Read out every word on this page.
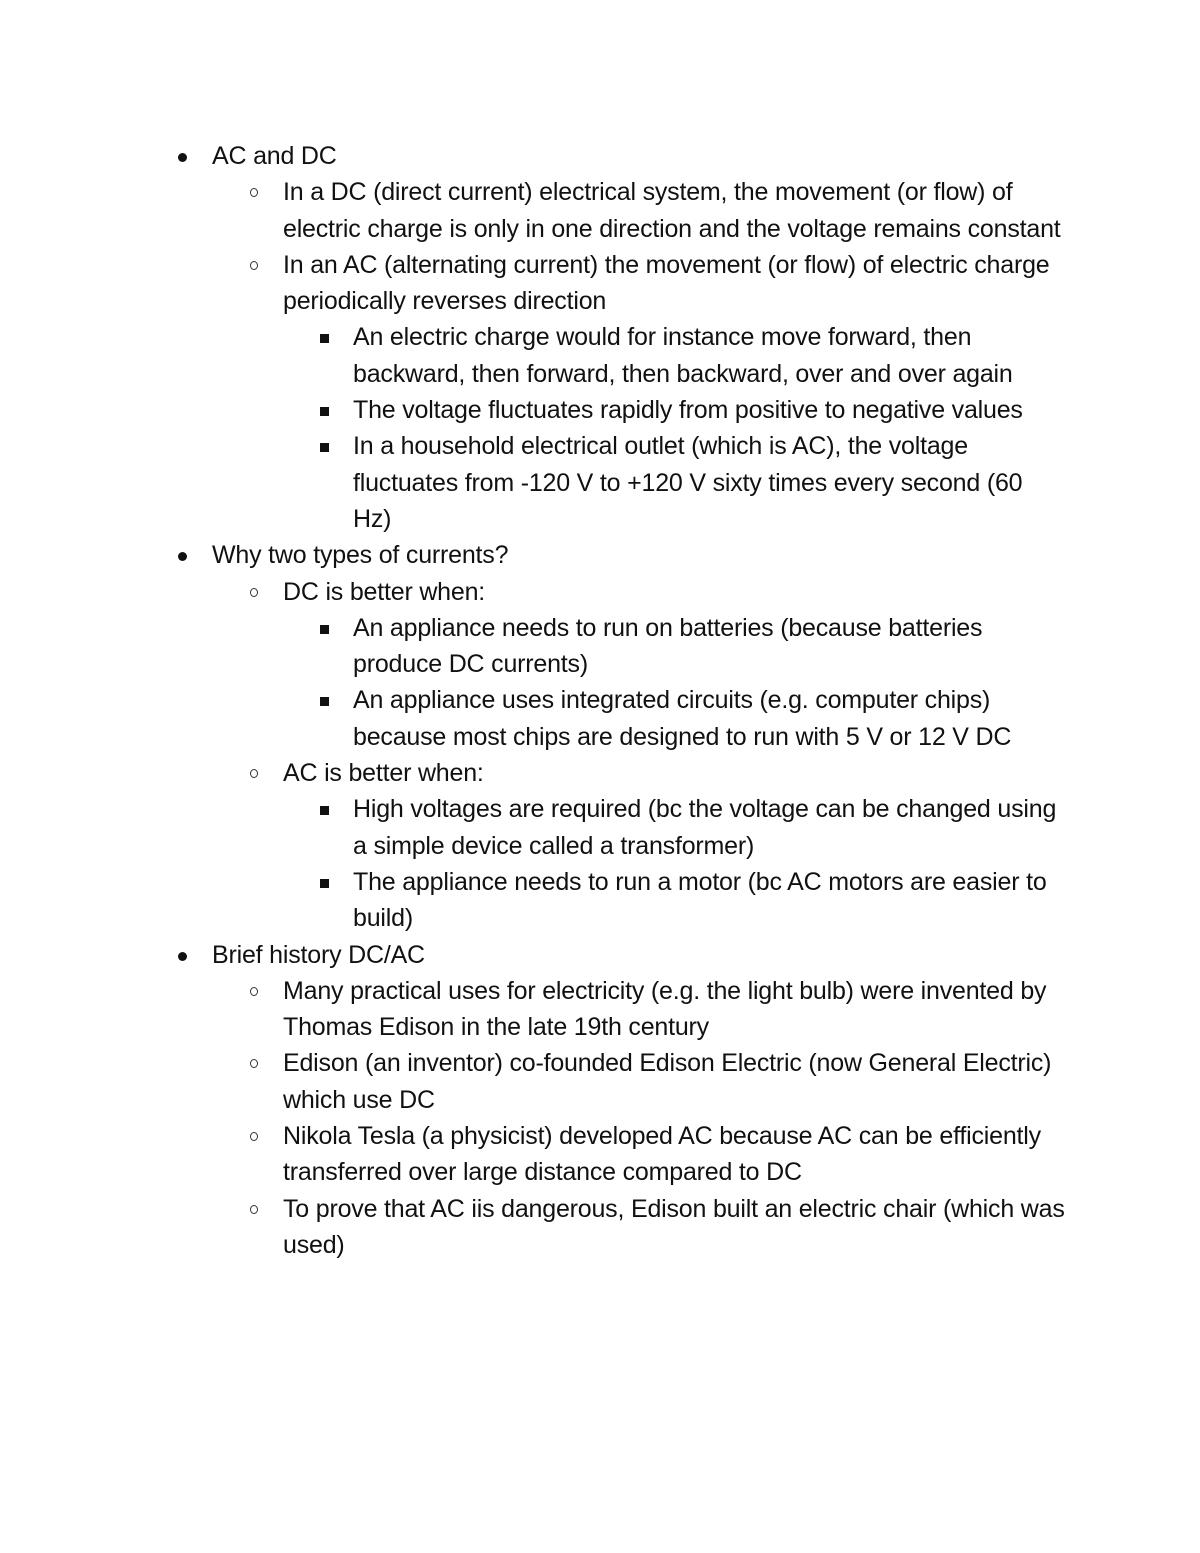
AC and DC
In a DC (direct current) electrical system, the movement (or flow) of electric charge is only in one direction and the voltage remains constant
In an AC (alternating current) the movement (or flow) of electric charge periodically reverses direction
An electric charge would for instance move forward, then backward, then forward, then backward, over and over again
The voltage fluctuates rapidly from positive to negative values
In a household electrical outlet (which is AC), the voltage fluctuates from -120 V to +120 V sixty times every second (60 Hz)
Why two types of currents?
DC is better when:
An appliance needs to run on batteries (because batteries produce DC currents)
An appliance uses integrated circuits (e.g. computer chips) because most chips are designed to run with 5 V or 12 V DC
AC is better when:
High voltages are required (bc the voltage can be changed using a simple device called a transformer)
The appliance needs to run a motor (bc AC motors are easier to build)
Brief history DC/AC
Many practical uses for electricity (e.g. the light bulb) were invented by Thomas Edison in the late 19th century
Edison (an inventor) co-founded Edison Electric (now General Electric) which use DC
Nikola Tesla (a physicist) developed AC because AC can be efficiently transferred over large distance compared to DC
To prove that AC iis dangerous, Edison built an electric chair (which was used)
